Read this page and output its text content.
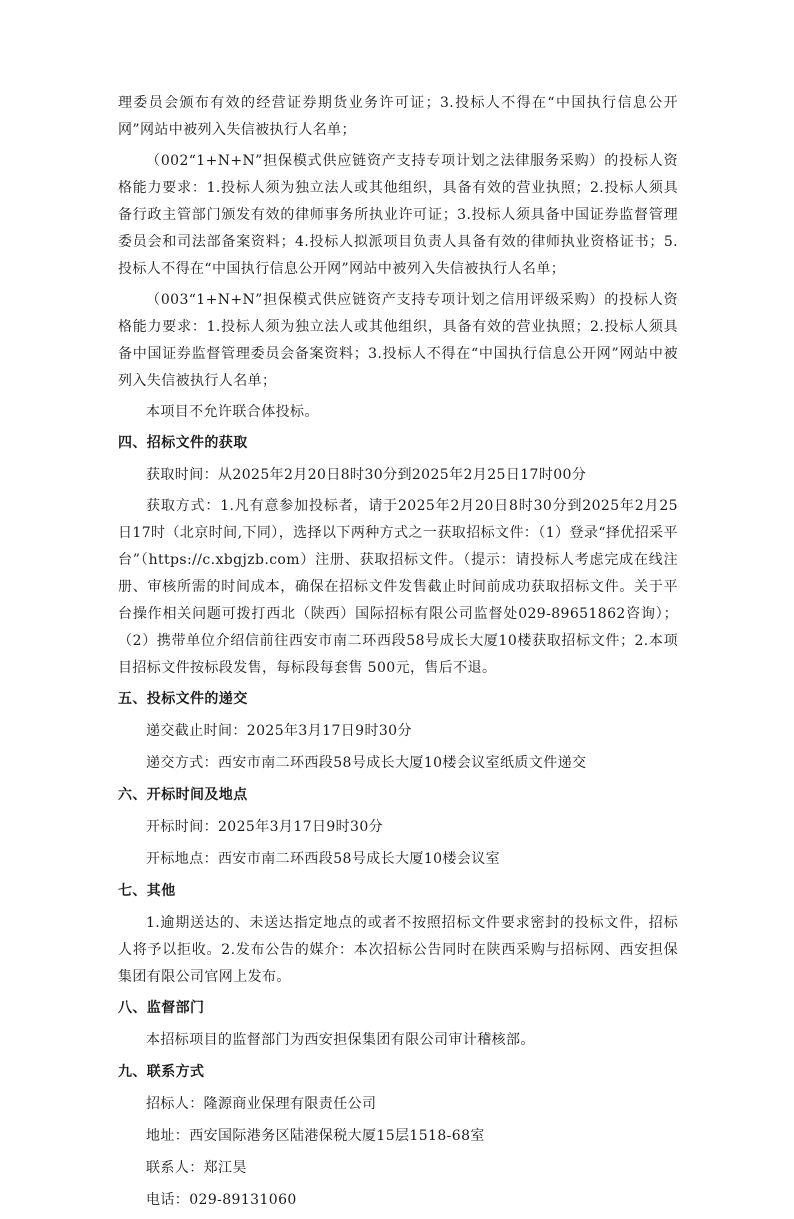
理委员会颁布有效的经营证券期货业务许可证；3.投标人不得在“中国执行信息公开网”网站中被列入失信被执行人名单；

（002“1+N+N”担保模式供应链资产支持专项计划之法律服务采购）的投标人资格能力要求：1.投标人须为独立法人或其他组织，具备有效的营业执照；2.投标人须具备行政主管部门颁发有效的律师事务所执业许可证；3.投标人须具备中国证券监督管理委员会和司法部备案资料；4.投标人拟派项目负责人具备有效的律师执业资格证书；5.投标人不得在“中国执行信息公开网”网站中被列入失信被执行人名单；

（003“1+N+N”担保模式供应链资产支持专项计划之信用评级采购）的投标人资格能力要求：1.投标人须为独立法人或其他组织，具备有效的营业执照；2.投标人须具备中国证券监督管理委员会备案资料；3.投标人不得在“中国执行信息公开网”网站中被列入失信被执行人名单；

本项目不允许联合体投标。

四、招标文件的获取

获取时间：从2025年2月20日8时30分到2025年2月25日17时00分

获取方式：1.凡有意参加投标者，请于2025年2月20日8时30分到2025年2月25日17时（北京时间,下同），选择以下两种方式之一获取招标文件：（1）登录“择优招采平台”（https://c.xbgjzb.com）注册、获取招标文件。（提示：请投标人考虑完成在线注册、审核所需的时间成本，确保在招标文件发售截止时间前成功获取招标文件。关于平台操作相关问题可拨打西北（陕西）国际招标有限公司监督处029-89651862咨询）；（2）携带单位介绍信前往西安市南二环西段58号成长大厦10楼获取招标文件；2.本项目招标文件按标段发售，每标段每套售 500元，售后不退。

五、投标文件的递交
递交截止时间：2025年3月17日9时30分
递交方式：西安市南二环西段58号成长大厦10楼会议室纸质文件递交
六、开标时间及地点
开标时间：2025年3月17日9时30分
开标地点：西安市南二环西段58号成长大厦10楼会议室
七、其他

1.逾期送达的、未送达指定地点的或者不按照招标文件要求密封的投标文件，招标人将予以拒收。2.发布公告的媒介：本次招标公告同时在陕西采购与招标网、西安担保集团有限公司官网上发布。

八、监督部门
本招标项目的监督部门为西安担保集团有限公司审计稽核部。
九、联系方式
招标人：隆源商业保理有限责任公司
地址：西安国际港务区陆港保税大厦15层1518-68室
联系人：郑江昊
电话：029-89131060
